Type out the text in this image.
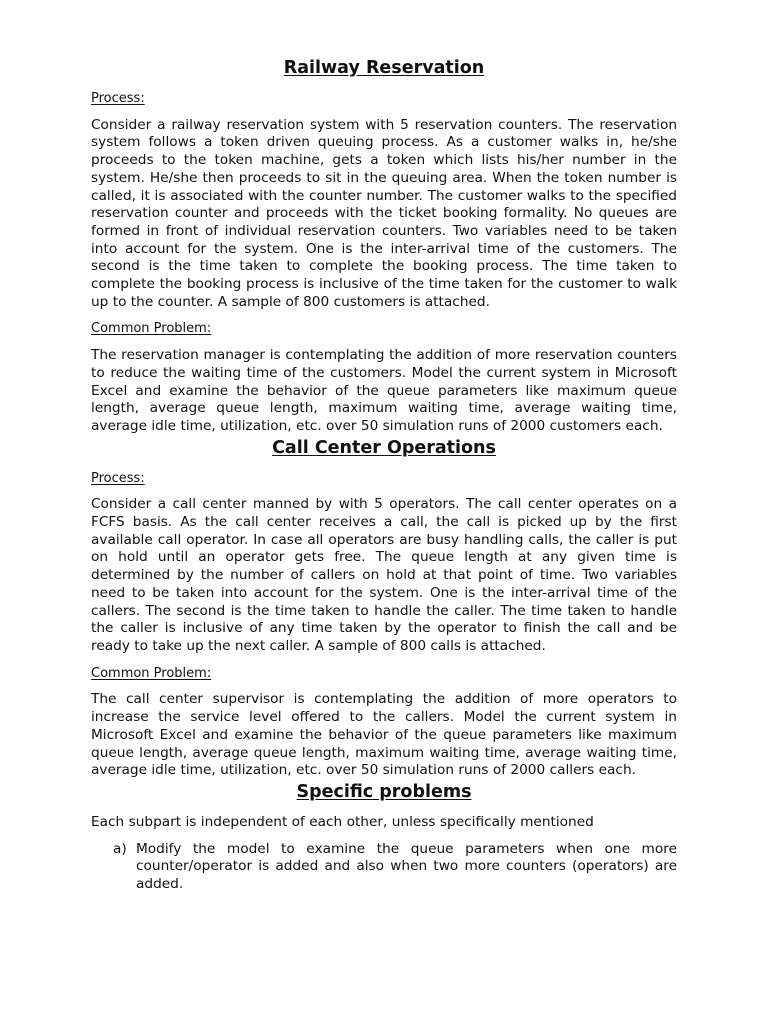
Railway Reservation

Process:

Consider a railway reservation system with 5 reservation counters. The reservation system follows a token driven queuing process. As a customer walks in, he/she proceeds to the token machine, gets a token which lists his/her number in the system. He/she then proceeds to sit in the queuing area. When the token number is called, it is associated with the counter number. The customer walks to the specified reservation counter and proceeds with the ticket booking formality. No queues are formed in front of individual reservation counters. Two variables need to be taken into account for the system. One is the inter-arrival time of the customers. The second is the time taken to complete the booking process. The time taken to complete the booking process is inclusive of the time taken for the customer to walk up to the counter. A sample of 800 customers is attached.

Common Problem:

The reservation manager is contemplating the addition of more reservation counters to reduce the waiting time of the customers. Model the current system in Microsoft Excel and examine the behavior of the queue parameters like maximum queue length, average queue length, maximum waiting time, average waiting time, average idle time, utilization, etc. over 50 simulation runs of 2000 customers each.

Call Center Operations

Process:

Consider a call center manned by with 5 operators. The call center operates on a FCFS basis. As the call center receives a call, the call is picked up by the first available call operator. In case all operators are busy handling calls, the caller is put on hold until an operator gets free. The queue length at any given time is determined by the number of callers on hold at that point of time. Two variables need to be taken into account for the system. One is the inter-arrival time of the callers. The second is the time taken to handle the caller. The time taken to handle the caller is inclusive of any time taken by the operator to finish the call and be ready to take up the next caller. A sample of 800 calls is attached.

Common Problem:

The call center supervisor is contemplating the addition of more operators to increase the service level offered to the callers. Model the current system in Microsoft Excel and examine the behavior of the queue parameters like maximum queue length, average queue length, maximum waiting time, average waiting time, average idle time, utilization, etc. over 50 simulation runs of 2000 callers each.

Specific problems

Each subpart is independent of each other, unless specifically mentioned

a) Modify the model to examine the queue parameters when one more counter/operator is added and also when two more counters (operators) are added.
